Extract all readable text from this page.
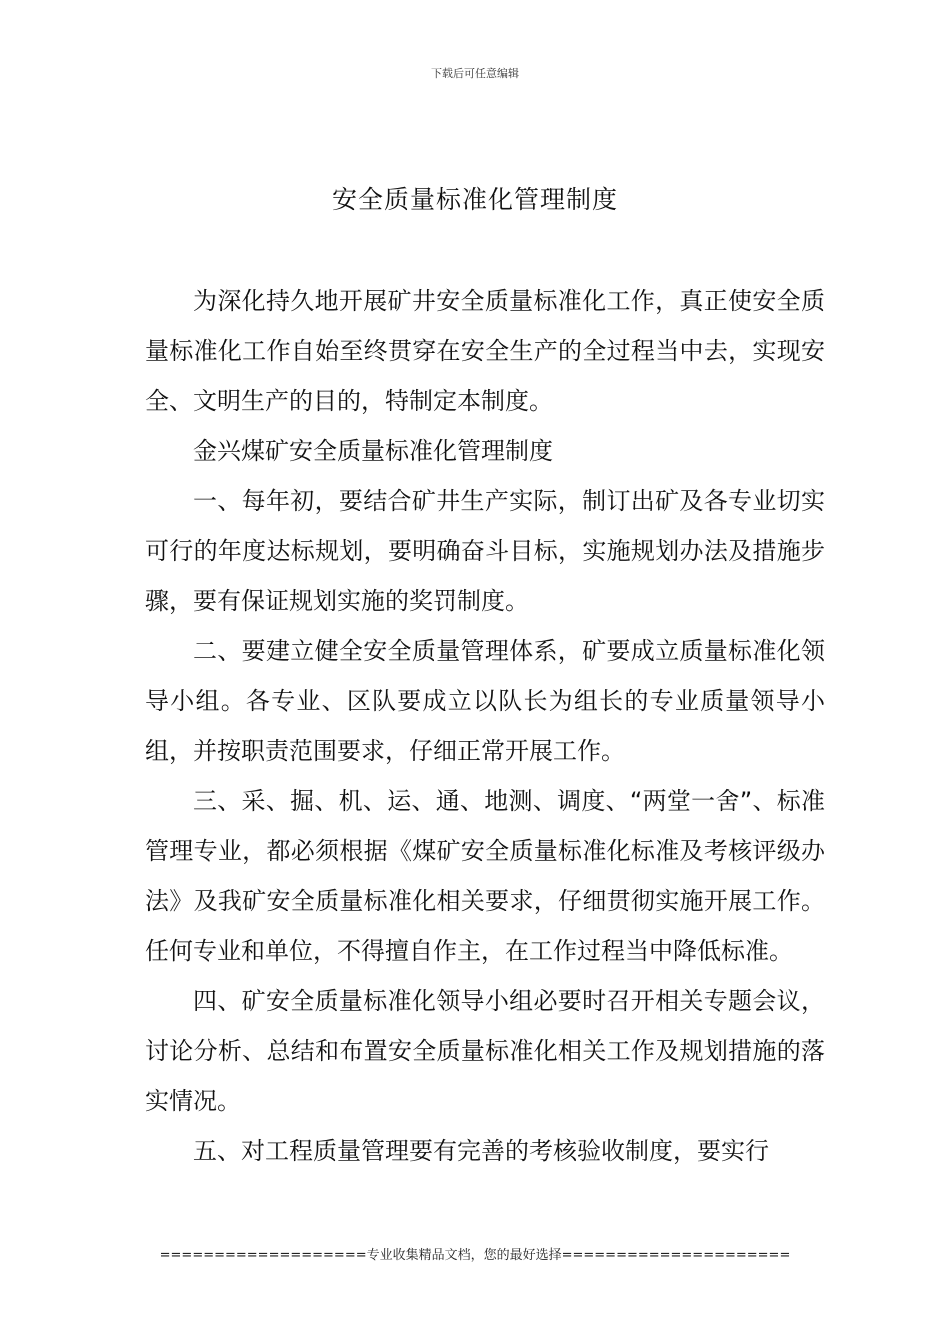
下载后可任意编辑
安全质量标准化管理制度

为深化持久地开展矿井安全质量标准化工作，真正使安全质量标准化工作自始至终贯穿在安全生产的全过程当中去，实现安全、文明生产的目的，特制定本制度。

金兴煤矿安全质量标准化管理制度

一、每年初，要结合矿井生产实际，制订出矿及各专业切实可行的年度达标规划，要明确奋斗目标，实施规划办法及措施步骤，要有保证规划实施的奖罚制度。

二、要建立健全安全质量管理体系，矿要成立质量标准化领导小组。各专业、区队要成立以队长为组长的专业质量领导小组，并按职责范围要求，仔细正常开展工作。

三、采、掘、机、运、通、地测、调度、“两堂一舍”、标准管理专业，都必须根据《煤矿安全质量标准化标准及考核评级办法》及我矿安全质量标准化相关要求，仔细贯彻实施开展工作。任何专业和单位，不得擅自作主，在工作过程当中降低标准。

四、矿安全质量标准化领导小组必要时召开相关专题会议，讨论分析、总结和布置安全质量标准化相关工作及规划措施的落实情况。

五、对工程质量管理要有完善的考核验收制度，要实行

===================专业收集精品文档，您的最好选择=====================
